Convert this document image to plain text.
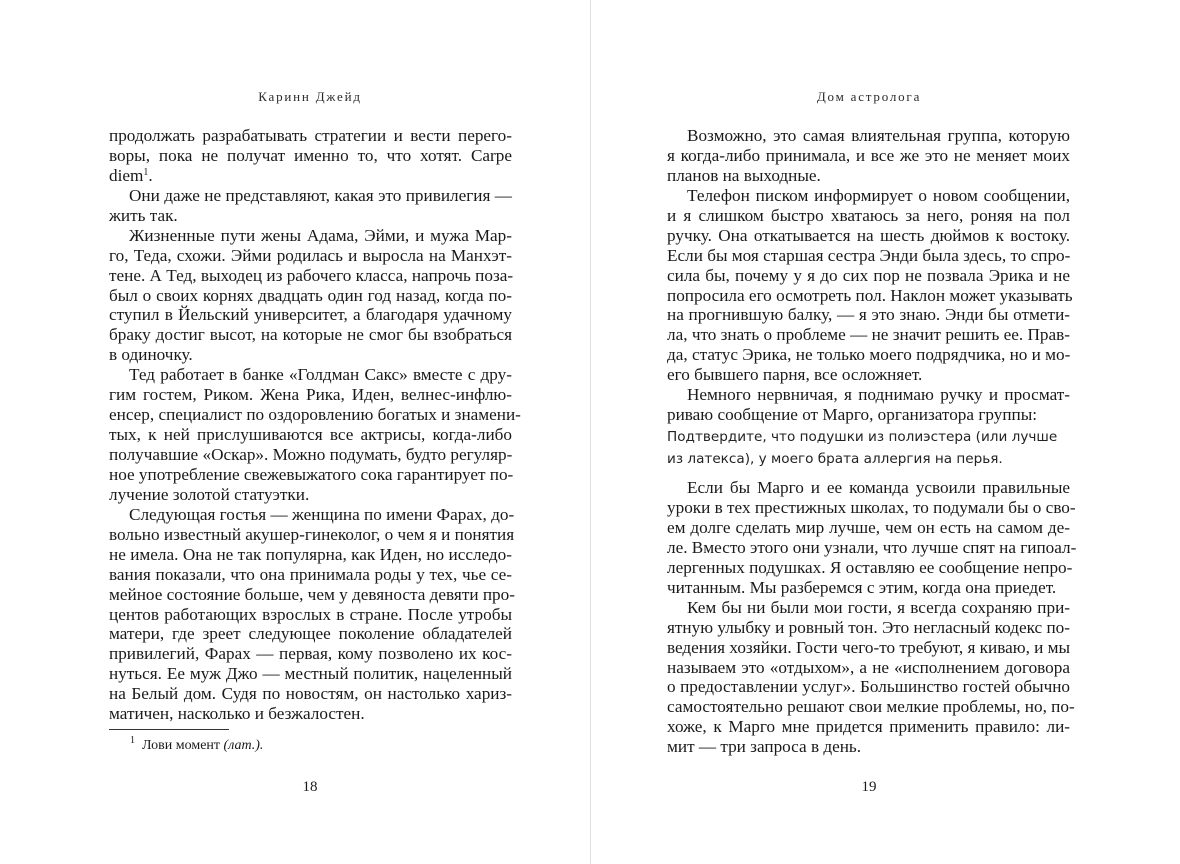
Каринн Джейд
продолжать разрабатывать стратегии и вести перего-
воры, пока не получат именно то, что хотят. Carpe
diem$^1$.
Они даже не представляют, какая это привилегия —
жить так.
Жизненные пути жены Адама, Эйми, и мужа Мар-
го, Теда, схожи. Эйми родилась и выросла на Манхэт-
тене. А Тед, выходец из рабочего класса, напрочь поза-
был о своих корнях двадцать один год назад, когда по-
ступил в Йельский университет, а благодаря удачному
браку достиг высот, на которые не смог бы взобраться
в одиночку.
Тед работает в банке «Голдман Сакс» вместе с дру-
гим гостем, Риком. Жена Рика, Иден, велнес-инфлю-
енсер, специалист по оздоровлению богатых и знамени-
тых, к ней прислушиваются все актрисы, когда-либо
получавшие «Оскар». Можно подумать, будто регуляр-
ное употребление свежевыжатого сока гарантирует по-
лучение золотой статуэтки.
Следующая гостья — женщина по имени Фарах, до-
вольно известный акушер-гинеколог, о чем я и понятия
не имела. Она не так популярна, как Иден, но исследо-
вания показали, что она принимала роды у тех, чье се-
мейное состояние больше, чем у девяноста девяти про-
центов работающих взрослых в стране. После утробы
матери, где зреет следующее поколение обладателей
привилегий, Фарах — первая, кому позволено их кос-
нуться. Ее муж Джо — местный политик, нацеленный
на Белый дом. Судя по новостям, он настолько хариз-
матичен, насколько и безжалостен.
$^1$ Лови момент (лат.).
18
Дом астролога
Возможно, это самая влиятельная группа, которую
я когда-либо принимала, и все же это не меняет моих
планов на выходные.
Телефон писком информирует о новом сообщении,
и я слишком быстро хватаюсь за него, роняя на пол
ручку. Она откатывается на шесть дюймов к востоку.
Если бы моя старшая сестра Энди была здесь, то спро-
сила бы, почему у я до сих пор не позвала Эрика и не
попросила его осмотреть пол. Наклон может указывать
на прогнившую балку, — я это знаю. Энди бы отмети-
ла, что знать о проблеме — не значит решить ее. Прав-
да, статус Эрика, не только моего подрядчика, но и мо-
его бывшего парня, все осложняет.
Немного нервничая, я поднимаю ручку и просмат-
риваю сообщение от Марго, организатора группы:
Подтвердите, что подушки из полиэстера (или лучше
из латекса), у моего брата аллергия на перья.
Если бы Марго и ее команда усвоили правильные
уроки в тех престижных школах, то подумали бы о сво-
ем долге сделать мир лучше, чем он есть на самом де-
ле. Вместо этого они узнали, что лучше спят на гипоал-
лергенных подушках. Я оставляю ее сообщение непро-
читанным. Мы разберемся с этим, когда она приедет.
Кем бы ни были мои гости, я всегда сохраняю при-
ятную улыбку и ровный тон. Это негласный кодекс по-
ведения хозяйки. Гости чего-то требуют, я киваю, и мы
называем это «отдыхом», а не «исполнением договора
о предоставлении услуг». Большинство гостей обычно
самостоятельно решают свои мелкие проблемы, но, по-
хоже, к Марго мне придется применить правило: ли-
мит — три запроса в день.
19
